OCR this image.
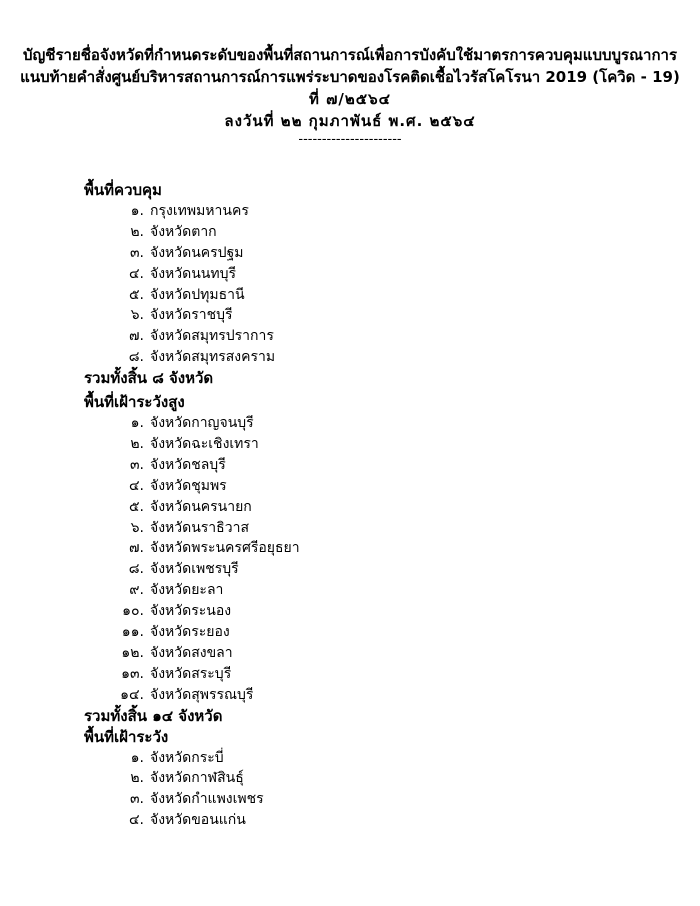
บัญชีรายชื่อจังหวัดที่กำหนดระดับของพื้นที่สถานการณ์เพื่อการบังคับใช้มาตรการควบคุมแบบบูรณาการ
แนบท้ายคำสั่งศูนย์บริหารสถานการณ์การแพร่ระบาดของโรคติดเชื้อไวรัสโคโรนา 2019 (โควิด - 19)
ที่ ๗/๒๕๖๔
ลงวันที่ ๒๒ กุมภาพันธ์ พ.ศ. ๒๕๖๔
----------------------
พื้นที่ควบคุม
๑. กรุงเทพมหานคร
๒. จังหวัดตาก
๓. จังหวัดนครปฐม
๔. จังหวัดนนทบุรี
๕. จังหวัดปทุมธานี
๖. จังหวัดราชบุรี
๗. จังหวัดสมุทรปราการ
๘. จังหวัดสมุทรสงคราม
รวมทั้งสิ้น ๘ จังหวัด
พื้นที่เฝ้าระวังสูง
๑. จังหวัดกาญจนบุรี
๒. จังหวัดฉะเชิงเทรา
๓. จังหวัดชลบุรี
๔. จังหวัดชุมพร
๕. จังหวัดนครนายก
๖. จังหวัดนราธิวาส
๗. จังหวัดพระนครศรีอยุธยา
๘. จังหวัดเพชรบุรี
๙. จังหวัดยะลา
๑๐. จังหวัดระนอง
๑๑. จังหวัดระยอง
๑๒. จังหวัดสงขลา
๑๓. จังหวัดสระบุรี
๑๔. จังหวัดสุพรรณบุรี
รวมทั้งสิ้น ๑๔ จังหวัด
พื้นที่เฝ้าระวัง
๑. จังหวัดกระบี่
๒. จังหวัดกาฬสินธุ์
๓. จังหวัดกำแพงเพชร
๔. จังหวัดขอนแก่น
